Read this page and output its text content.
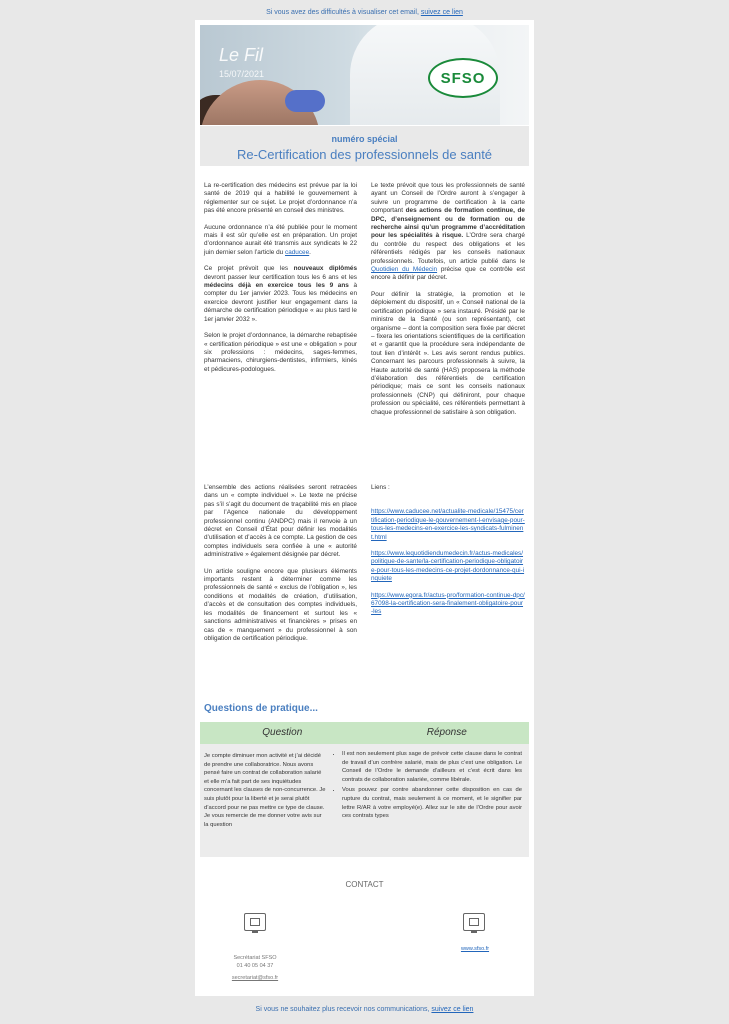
Si vous avez des difficultés à visualiser cet email, suivez ce lien
Le Fil
15/07/2021	SFSO
numéro spécial
Re-Certification des professionnels de santé

La re-certification des médecins est prévue par la loi santé de 2019 qui a habilité le gouvernement à réglementer sur ce sujet. Le projet d’ordonnance n’a pas été encore présenté en conseil des ministres.

Aucune ordonnance n’a été publiée pour le moment mais il est sûr qu’elle est en préparation. Un projet d’ordonnance aurait été transmis aux syndicats le 22 juin dernier selon l’article du caducee.

Ce projet prévoit que les nouveaux diplômés devront passer leur certification tous les 6 ans et les médecins déjà en exercice tous les 9 ans à compter du 1er janvier 2023. Tous les médecins en exercice devront justifier leur engagement dans la démarche de certification périodique « au plus tard le 1er janvier 2032 ».

Selon le projet d’ordonnance, la démarche rebaptisée « certification périodique » est une « obligation » pour six professions : médecins, sages-femmes, pharmaciens, chirurgiens-dentistes, infirmiers, kinés et pédicures-podologues.

Le texte prévoit que tous les professionnels de santé ayant un Conseil de l’Ordre auront à s’engager à suivre un programme de certification à la carte comportant des actions de formation continue, de DPC, d’enseignement ou de formation ou de recherche ainsi qu’un programme d’accréditation pour les spécialités à risque. L’Ordre sera chargé du contrôle du respect des obligations et les référentiels rédigés par les conseils nationaux professionnels. Toutefois, un article publié dans le Quotidien du Médecin précise que ce contrôle est encore à définir par décret.

Pour définir la stratégie, la promotion et le déploiement du dispositif, un « Conseil national de la certification périodique » sera instauré. Présidé par le ministre de la Santé (ou son représentant), cet organisme – dont la composition sera fixée par décret – fixera les orientations scientifiques de la certification et « garantit que la procédure sera indépendante de tout lien d’intérêt ». Les avis seront rendus publics. Concernant les parcours professionnels à suivre, la Haute autorité de santé (HAS) proposera la méthode d’élaboration des référentiels de certification périodique; mais ce sont les conseils nationaux professionnels (CNP) qui définiront, pour chaque profession ou spécialité, ces référentiels permettant à chaque professionnel de satisfaire à son obligation.

L’ensemble des actions réalisées seront retracées dans un « compte individuel ». Le texte ne précise pas s’il s’agit du document de traçabilité mis en place par l’Agence nationale du développement professionnel continu (ANDPC) mais il renvoie à un décret en Conseil d’État pour définir les modalités d’utilisation et d’accès à ce compte. La gestion de ces comptes individuels sera confiée à une « autorité administrative » également désignée par décret.

Un article souligne encore que plusieurs éléments importants restent à déterminer comme les professionnels de santé « exclus de l’obligation », les conditions et modalités de création, d’utilisation, d’accès et de consultation des comptes individuels, les modalités de financement et surtout les « sanctions administratives et financières » prises en cas de « manquement » du professionnel à son obligation de certification périodique.

Liens :

https://www.caducee.net/actualite-medicale/15475/certification-periodique-le-gouvernement-l-envisage-pour-tous-les-medecins-en-exercice-les-syndicats-fulminent.html
https://www.lequotidiendumedecin.fr/actus-medicales/politique-de-sante/la-certification-periodique-obligatoire-pour-tous-les-medecins-ce-projet-dordonnance-qui-inquiete
https://www.egora.fr/actus-pro/formation-continue-dpc/67098-la-certification-sera-finalement-obligatoire-pour-les
Questions de pratique...
Question	Réponse
Je compte diminuer mon activité et j’ai décidé de prendre une collaboratrice. Nous avons pensé faire un contrat de collaboration salarié et elle m’a fait part de ses inquiétudes concernant les clauses de non-concurrence. Je suis plutôt pour la liberté et je serai plutôt d’accord pour ne pas mettre ce type de clause. Je vous remercie de me donner votre avis sur la question
• Il est non seulement plus sage de prévoir cette clause dans le contrat de travail d’un confrère salarié, mais de plus c’est une obligation. Le Conseil de l’Ordre le demande d’ailleurs et c’est écrit dans les contrats de collaboration salariée, comme libérale.
• Vous pouvez par contre abandonner cette disposition en cas de rupture du contrat, mais seulement à ce moment, et le signifier par lettre R/AR à votre employé(e). Allez sur le site de l’Ordre pour avoir ces contrats types
CONTACT
Secrétariat SFSO
01 40 05 04 37
secretariat@sfso.fr
www.sfso.fr
Si vous ne souhaitez plus recevoir nos communications, suivez ce lien
